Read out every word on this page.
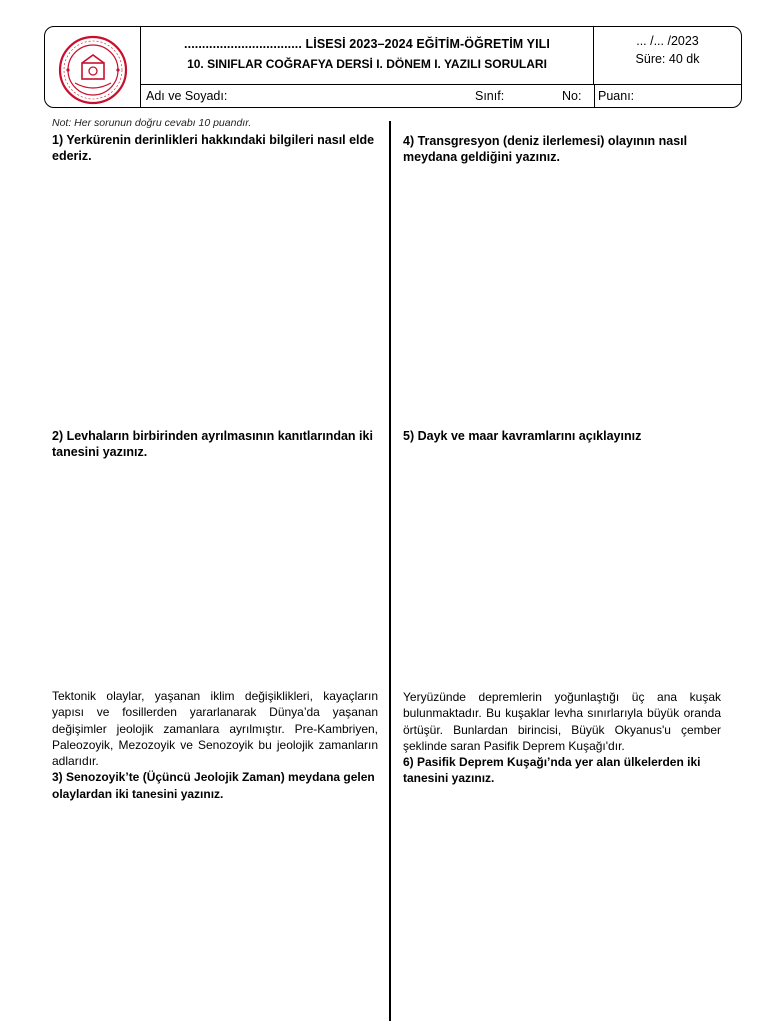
................................. LİSESİ 2023–2024 EĞİTİM-ÖĞRETİM YILI
10. SINIFLAR COĞRAFYA DERSİ I. DÖNEM I. YAZILI SORULARI
... /... /2023
Süre: 40 dk
Adı ve Soyadı:	Sınıf:	No: Puanı:
Not: Her sorunun doğru cevabı 10 puandır.
1) Yerkürenin derinlikleri hakkındaki bilgileri nasıl elde ederiz.
2) Levhaların birbirinden ayrılmasının kanıtlarından iki tanesini yazınız.
Tektonik olaylar, yaşanan iklim değişiklikleri, kayaçların yapısı ve fosillerden yararlanarak Dünya’da yaşanan değişimler jeolojik zamanlara ayrılmıştır. Pre-Kambriyen, Paleozoyik, Mezozoyik ve Senozoyik bu jeolojik zamanların adlarıdır.
3) Senozoyik’te (Üçüncü Jeolojik Zaman) meydana gelen olaylardan iki tanesini yazınız.
4) Transgresyon (deniz ilerlemesi) olayının nasıl meydana geldiğini yazınız.
5) Dayk ve maar kavramlarını açıklayınız
Yeryüzünde depremlerin yoğunlaştığı üç ana kuşak bulunmaktadır. Bu kuşaklar levha sınırlarıyla büyük oranda örtüşür. Bunlardan birincisi, Büyük Okyanus'u çember şeklinde saran Pasifik Deprem Kuşağı'dır.
6) Pasifik Deprem Kuşağı’nda yer alan ülkelerden iki tanesini yazınız.
